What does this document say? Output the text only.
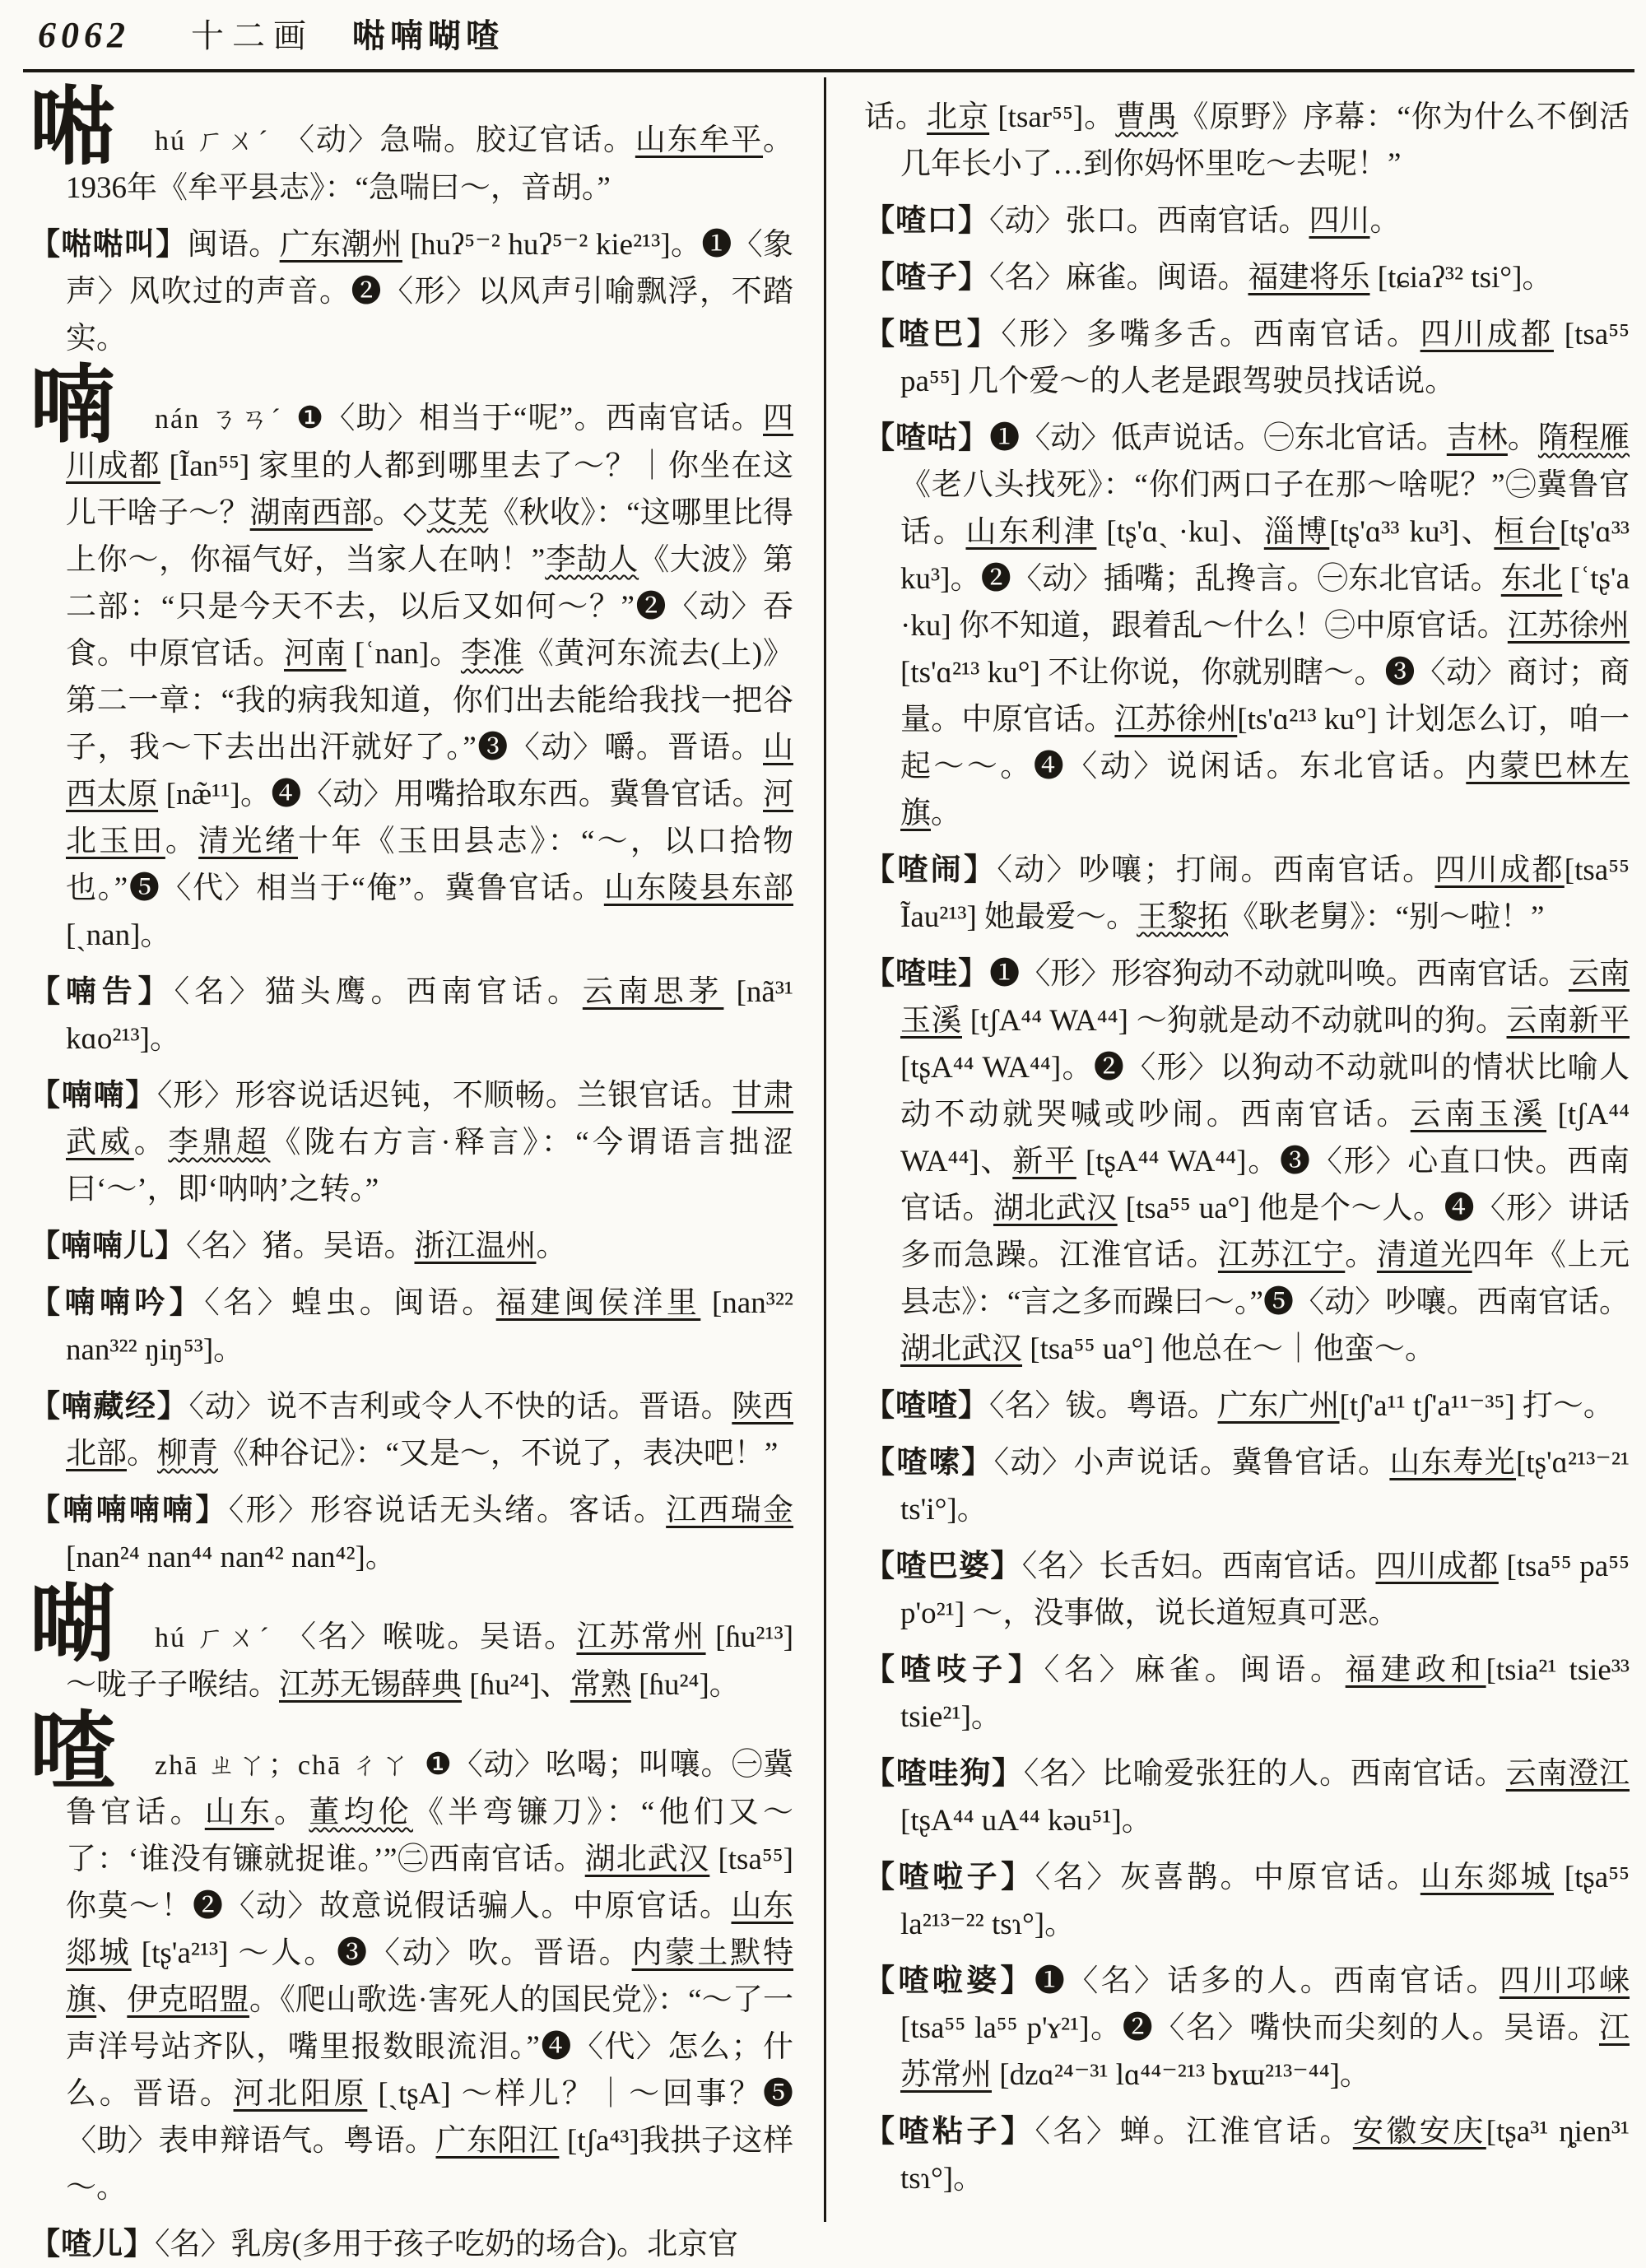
6062 十二画 喖喃㗅喳
喖	hú ㄏㄨˊ 〈动〉急喘。胶辽官话。山东牟平。1936年《牟平县志》：“急喘曰～，音胡。”

【喖喖叫】闽语。广东潮州 [huʔ⁵⁻² huʔ⁵⁻² kie²¹³]。❶〈象声〉风吹过的声音。❷〈形〉以风声引喻飘浮，不踏实。

喃	nán ㄋㄢˊ ❶〈助〉相当于“呢”。西南官话。四川成都 [Ĩan⁵⁵] 家里的人都到哪里去了～？｜你坐在这儿干啥子～？湖南西部。◇艾芜《秋收》：“这哪里比得上你～，你福气好，当家人在呐！”李劼人《大波》第二部：“只是今天不去，以后又如何～？”❷〈动〉吞食。中原官话。河南 [ʿnan]。李准《黄河东流去(上)》第二一章：“我的病我知道，你们出去能给我找一把谷子，我～下去出出汗就好了。”❸〈动〉嚼。晋语。山西太原 [næ̃¹¹]。❹〈动〉用嘴拾取东西。冀鲁官话。河北玉田。清光绪十年《玉田县志》：“～，以口拾物也。”❺〈代〉相当于“俺”。冀鲁官话。山东陵县东部[ˎnan]。

【喃告】〈名〉猫头鹰。西南官话。云南思茅 [nã³¹ kɑo²¹³]。

【喃喃】〈形〉形容说话迟钝，不顺畅。兰银官话。甘肃武威。李鼎超《陇右方言·释言》：“今谓语言拙涩曰‘～’，即‘呐呐’之转。”

【喃喃儿】〈名〉猪。吴语。浙江温州。

【喃喃吟】〈名〉蝗虫。闽语。福建闽侯洋里 [nan³²² nan³²² ŋiŋ⁵³]。

【喃藏经】〈动〉说不吉利或令人不快的话。晋语。陕西北部。柳青《种谷记》：“又是～，不说了，表决吧！”

【喃喃喃喃】〈形〉形容说话无头绪。客话。江西瑞金 [nan²⁴ nan⁴⁴ nan⁴² nan⁴²]。

㗅	hú ㄏㄨˊ 〈名〉喉咙。吴语。江苏常州 [ɦu²¹³] ～咙子子喉结。江苏无锡薛典 [ɦu²⁴]、常熟 [ɦu²⁴]。

喳	zhā ㄓㄚ；chā ㄔㄚ ❶〈动〉吆喝；叫嚷。㊀冀鲁官话。山东。董均伦《半弯镰刀》：“他们又～了：‘谁没有镰就捉谁。’”㊁西南官话。湖北武汉 [tsa⁵⁵] 你莫～！❷〈动〉故意说假话骗人。中原官话。山东郯城 [tʂ'a²¹³] ～人。❸〈动〉吹。晋语。内蒙土默特旗、伊克昭盟。《爬山歌选·害死人的国民党》：“～了一声洋号站齐队，嘴里报数眼流泪。”❹〈代〉怎么；什么。晋语。河北阳原 [ˎtʂA] ～样儿？｜～回事？❺〈助〉表申辩语气。粤语。广东阳江 [tʃa⁴³]我拱子这样～。

【喳儿】〈名〉乳房(多用于孩子吃奶的场合)。北京官

话。北京 [tsar⁵⁵]。曹禺《原野》序幕：“你为什么不倒活几年长小了…到你妈怀里吃～去呢！”

【喳口】〈动〉张口。西南官话。四川。

【喳子】〈名〉麻雀。闽语。福建将乐 [tɕiaʔ³² tsi°]。

【喳巴】〈形〉多嘴多舌。西南官话。四川成都 [tsa⁵⁵ pa⁵⁵] 几个爱～的人老是跟驾驶员找话说。

【喳咕】❶〈动〉低声说话。㊀东北官话。吉林。隋程雁《老八头找死》：“你们两口子在那～啥呢？”㊁冀鲁官话。山东利津 [tʂ'ɑˏ ·ku]、淄博[tʂ'ɑ³³ ku³]、桓台[tʂ'ɑ³³ ku³]。❷〈动〉插嘴；乱搀言。㊀东北官话。东北 [ʿtʂ'a ·ku] 你不知道，跟着乱～什么！㊁中原官话。江苏徐州 [ts'ɑ²¹³ ku°] 不让你说，你就别瞎～。❸〈动〉商讨；商量。中原官话。江苏徐州[ts'ɑ²¹³ ku°] 计划怎么订，咱一起～～。❹〈动〉说闲话。东北官话。内蒙巴林左旗。

【喳闹】〈动〉吵嚷；打闹。西南官话。四川成都[tsa⁵⁵ Ĩau²¹³] 她最爱～。王黎拓《耿老舅》：“别～啦！”

【喳哇】❶〈形〉形容狗动不动就叫唤。西南官话。云南玉溪 [tʃA⁴⁴ WA⁴⁴] ～狗就是动不动就叫的狗。云南新平 [tʂA⁴⁴ WA⁴⁴]。❷〈形〉以狗动不动就叫的情状比喻人动不动就哭喊或吵闹。西南官话。云南玉溪 [tʃA⁴⁴ WA⁴⁴]、新平 [tʂA⁴⁴ WA⁴⁴]。❸〈形〉心直口快。西南官话。湖北武汉 [tsa⁵⁵ ua°] 他是个～人。❹〈形〉讲话多而急躁。江淮官话。江苏江宁。清道光四年《上元县志》：“言之多而躁曰～。”❺〈动〉吵嚷。西南官话。湖北武汉 [tsa⁵⁵ ua°] 他总在～｜他蛮～。

【喳喳】〈名〉钹。粤语。广东广州[tʃ'a¹¹ tʃ'a¹¹⁻³⁵] 打～。

【喳嗦】〈动〉小声说话。冀鲁官话。山东寿光[tʂ'ɑ²¹³⁻²¹ ts'i°]。

【喳巴婆】〈名〉长舌妇。西南官话。四川成都 [tsa⁵⁵ pa⁵⁵ p'o²¹] ～，没事做，说长道短真可恶。

【喳吱子】〈名〉麻雀。闽语。福建政和[tsia²¹ tsie³³ tsie²¹]。

【喳哇狗】〈名〉比喻爱张狂的人。西南官话。云南澄江 [tʂA⁴⁴ uA⁴⁴ kəu⁵¹]。

【喳啦子】〈名〉灰喜鹊。中原官话。山东郯城 [tʂa⁵⁵ la²¹³⁻²² tsɿ°]。

【喳啦婆】❶〈名〉话多的人。西南官话。四川邛崃 [tsa⁵⁵ la⁵⁵ p'ɤ²¹]。❷〈名〉嘴快而尖刻的人。吴语。江苏常州 [dzɑ²⁴⁻³¹ lɑ⁴⁴⁻²¹³ bɤɯ²¹³⁻⁴⁴]。

【喳粘子】〈名〉蝉。江淮官话。安徽安庆[tʂa³¹ ȵien³¹ tsɿ°]。
